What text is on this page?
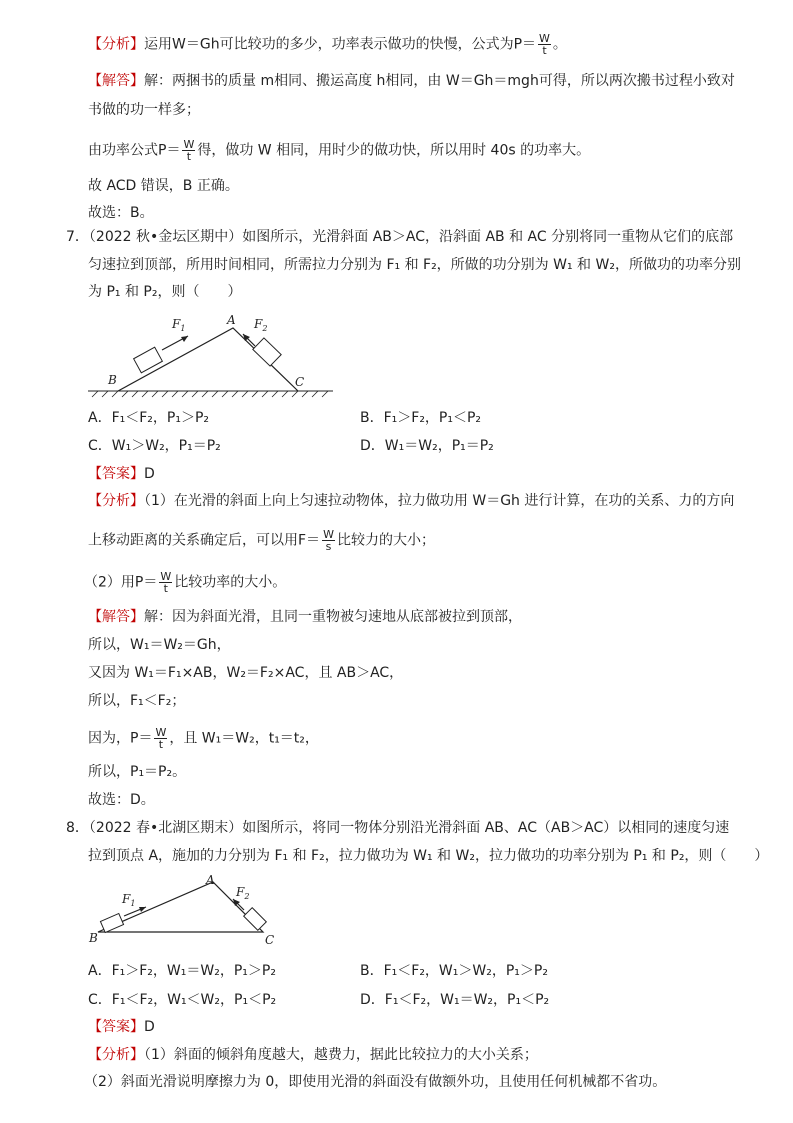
【分析】运用W＝Gh可比较功的多少，功率表示做功的快慢，公式为$P= \frac{W}{t}$ 。
【解答】解：两捆书的质量 m相同、搬运高度 h相同，由 W＝Gh＝mgh可得，所以两次搬书过程小致对
书做的功一样多；
由功率公式$P= \frac{W}{t}$ 得，做功 W 相同，用时少的做功快，所以用时 40s 的功率大。
故 ACD 错误，B 正确。
故选：B。
7．（2022 秋•金坛区期中）如图所示，光滑斜面 AB＞AC，沿斜面 AB 和 AC 分别将同一重物从它们的底部
匀速拉到顶部，所用时间相同，所需拉力分别为 F₁ 和 F₂，所做的功分别为 W₁ 和 W₂，所做功的功率分别
为 P₁ 和 P₂，则（　　）
$F_1$	$F_2$
A
B	C
A．F₁＜F₂，P₁＞P₂	B．F₁＞F₂，P₁＜P₂
C．W₁＞W₂，P₁＝P₂	D．W₁＝W₂，P₁＝P₂
【答案】D
【分析】（1）在光滑的斜面上向上匀速拉动物体，拉力做功用 W＝Gh 进行计算，在功的关系、力的方向
上移动距离的关系确定后，可以用$F= \frac{W}{s}$ 比较力的大小；
（2）用$P= \frac{W}{t}$ 比较功率的大小。
【解答】解：因为斜面光滑，且同一重物被匀速地从底部被拉到顶部，
所以，W₁＝W₂＝Gh，
又因为 W₁＝F₁×AB，W₂＝F₂×AC，且 AB＞AC，
所以，F₁＜F₂；
因为，$P= \frac{W}{t}$ ，且 W₁＝W₂，t₁＝t₂，
所以，P₁＝P₂。
故选：D。
8．（2022 春•北湖区期末）如图所示，将同一物体分别沿光滑斜面 AB、AC（AB＞AC）以相同的速度匀速
拉到顶点 A，施加的力分别为 F₁ 和 F₂，拉力做功为 W₁ 和 W₂，拉力做功的功率分别为 P₁ 和 P₂，则（　　）
$F_1$
$F_2$
A
B	C
A．F₁＞F₂，W₁＝W₂，P₁＞P₂	B．F₁＜F₂，W₁＞W₂，P₁＞P₂
C．F₁＜F₂，W₁＜W₂，P₁＜P₂	D．F₁＜F₂，W₁＝W₂，P₁＜P₂
【答案】D
【分析】（1）斜面的倾斜角度越大，越费力，据此比较拉力的大小关系；
（2）斜面光滑说明摩擦力为 0，即使用光滑的斜面没有做额外功，且使用任何机械都不省功。
